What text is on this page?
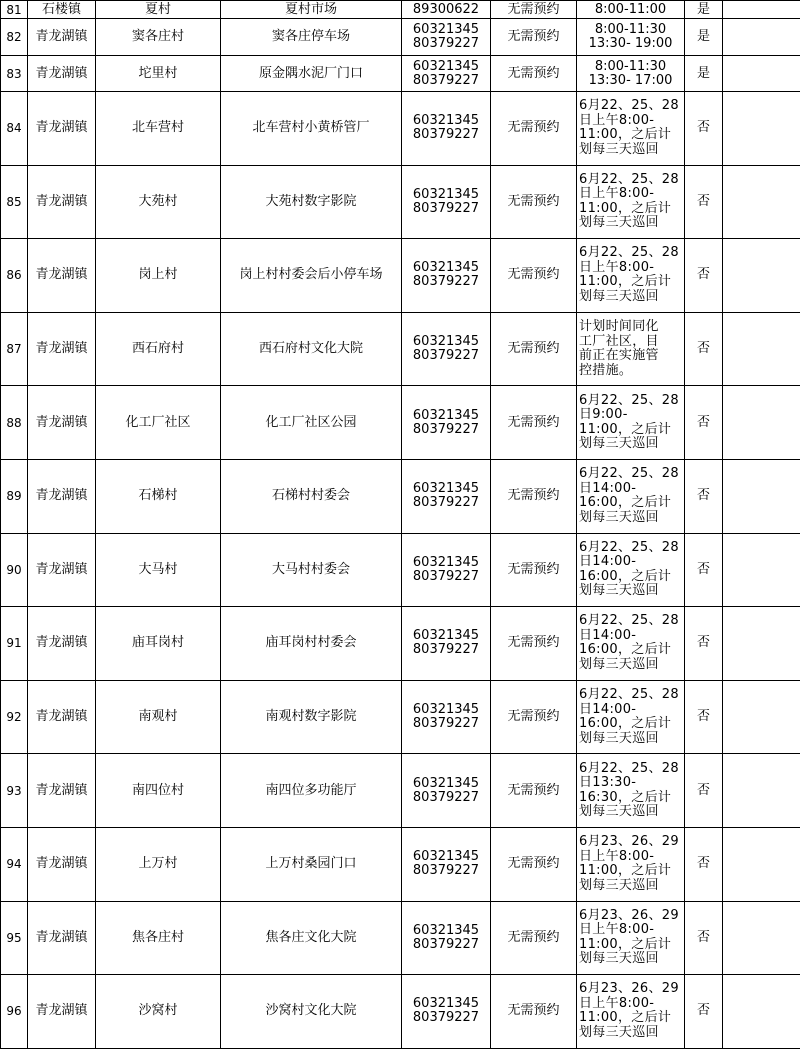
81	石楼镇	夏村	夏村市场	89300622	无需预约	8:00-11:00	是	
82	青龙湖镇	窦各庄村	窦各庄停车场	60321345
80379227	无需预约	8:00-11:30
13:30- 19:00	是	
83	青龙湖镇	坨里村	原金隅水泥厂门口	60321345
80379227	无需预约	8:00-11:30
13:30- 17:00	是	
84	青龙湖镇	北车营村	北车营村小黄桥管厂	60321345
80379227	无需预约	6月22、25、28
日上午8:00-
11:00，之后计
划每三天巡回	否	
85	青龙湖镇	大苑村	大苑村数字影院	60321345
80379227	无需预约	6月22、25、28
日上午8:00-
11:00，之后计
划每三天巡回	否	
86	青龙湖镇	岗上村	岗上村村委会后小停车场	60321345
80379227	无需预约	6月22、25、28
日上午8:00-
11:00，之后计
划每三天巡回	否	
87	青龙湖镇	西石府村	西石府村文化大院	60321345
80379227	无需预约	计划时间同化
工厂社区，目
前正在实施管
控措施。	否	
88	青龙湖镇	化工厂社区	化工厂社区公园	60321345
80379227	无需预约	6月22、25、28
日9:00-
11:00，之后计
划每三天巡回	否	
89	青龙湖镇	石梯村	石梯村村委会	60321345
80379227	无需预约	6月22、25、28
日14:00-
16:00，之后计
划每三天巡回	否	
90	青龙湖镇	大马村	大马村村委会	60321345
80379227	无需预约	6月22、25、28
日14:00-
16:00，之后计
划每三天巡回	否	
91	青龙湖镇	庙耳岗村	庙耳岗村村委会	60321345
80379227	无需预约	6月22、25、28
日14:00-
16:00，之后计
划每三天巡回	否	
92	青龙湖镇	南观村	南观村数字影院	60321345
80379227	无需预约	6月22、25、28
日14:00-
16:00，之后计
划每三天巡回	否	
93	青龙湖镇	南四位村	南四位多功能厅	60321345
80379227	无需预约	6月22、25、28
日13:30-
16:30，之后计
划每三天巡回	否	
94	青龙湖镇	上万村	上万村桑园门口	60321345
80379227	无需预约	6月23、26、29
日上午8:00-
11:00，之后计
划每三天巡回	否	
95	青龙湖镇	焦各庄村	焦各庄文化大院	60321345
80379227	无需预约	6月23、26、29
日上午8:00-
11:00，之后计
划每三天巡回	否	
96	青龙湖镇	沙窝村	沙窝村文化大院	60321345
80379227	无需预约	6月23、26、29
日上午8:00-
11:00，之后计
划每三天巡回	否	
